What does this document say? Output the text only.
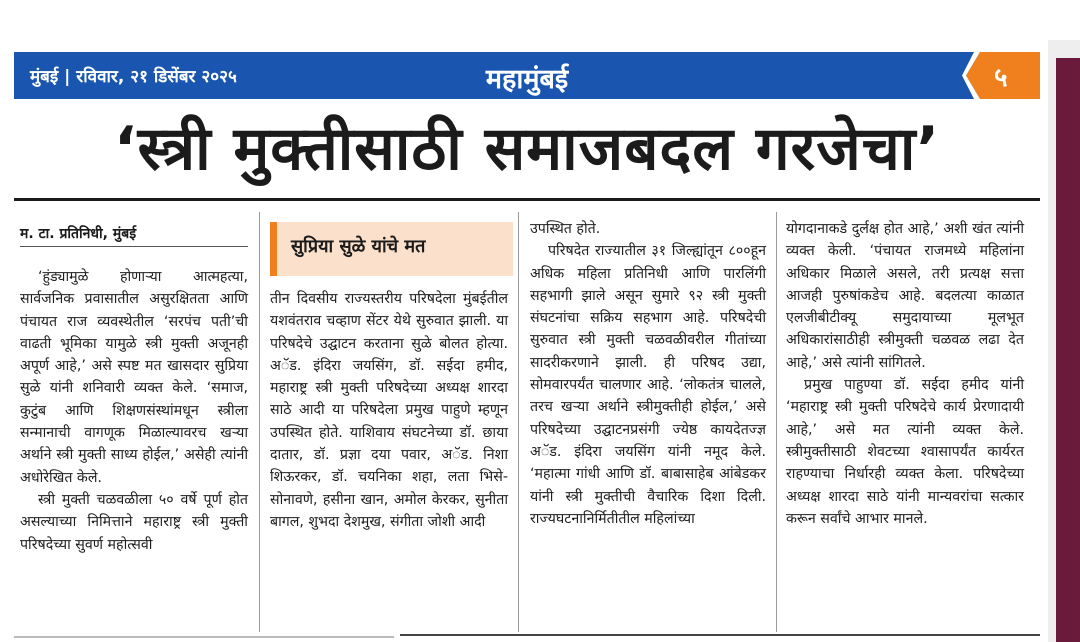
मुंबई | रविवार, २१ डिसेंबर २०२५	महामुंबई	५
‘स्त्री मुक्तीसाठी समाजबदल गरजेचा’
म. टा. प्रतिनिधी, मुंबई

‘हुंड्यामुळे होणाऱ्या आत्महत्या, सार्वजनिक प्रवासातील असुरक्षितता आणि पंचायत राज व्यवस्थेतील ‘सरपंच पती’ची वाढती भूमिका यामुळे स्त्री मुक्ती अजूनही अपूर्ण आहे,’ असे स्पष्ट मत खासदार सुप्रिया सुळे यांनी शनिवारी व्यक्त केले. ‘समाज, कुटुंब आणि शिक्षणसंस्थांमधून स्त्रीला सन्मानाची वागणूक मिळाल्यावरच खऱ्या अर्थाने स्त्री मुक्ती साध्य होईल,’ असेही त्यांनी अधोरेखित केले.

स्त्री मुक्ती चळवळीला ५० वर्षे पूर्ण होत असल्याच्या निमित्ताने महाराष्ट्र स्त्री मुक्ती परिषदेच्या सुवर्ण महोत्सवी

सुप्रिया सुळे यांचे मत

तीन दिवसीय राज्यस्तरीय परिषदेला मुंबईतील यशवंतराव चव्हाण सेंटर येथे सुरुवात झाली. या परिषदेचे उद्घाटन करताना सुळे बोलत होत्या. अॅड. इंदिरा जयसिंग, डॉ. सईदा हमीद, महाराष्ट्र स्त्री मुक्ती परिषदेच्या अध्यक्ष शारदा साठे आदी या परिषदेला प्रमुख पाहुणे म्हणून उपस्थित होते. याशिवाय संघटनेच्या डॉ. छाया दातार, डॉ. प्रज्ञा दया पवार, अॅड. निशा शिऊरकर, डॉ. चयनिका शहा, लता भिसे-सोनावणे, हसीना खान, अमोल केरकर, सुनीता बागल, शुभदा देशमुख, संगीता जोशी आदी

उपस्थित होते.

परिषदेत राज्यातील ३१ जिल्ह्यांतून ८००हून अधिक महिला प्रतिनिधी आणि पारलिंगी सहभागी झाले असून सुमारे ९२ स्त्री मुक्ती संघटनांचा सक्रिय सहभाग आहे. परिषदेची सुरुवात स्त्री मुक्ती चळवळीवरील गीतांच्या सादरीकरणाने झाली. ही परिषद उद्या, सोमवारपर्यंत चालणार आहे. ‘लोकतंत्र चालले, तरच खऱ्या अर्थाने स्त्रीमुक्तीही होईल,’ असे परिषदेच्या उद्घाटनप्रसंगी ज्येष्ठ कायदेतज्ज्ञ अॅड. इंदिरा जयसिंग यांनी नमूद केले. ‘महात्मा गांधी आणि डॉ. बाबासाहेब आंबेडकर यांनी स्त्री मुक्तीची वैचारिक दिशा दिली. राज्यघटनानिर्मितीतील महिलांच्या

योगदानाकडे दुर्लक्ष होत आहे,’ अशी खंत त्यांनी व्यक्त केली. ‘पंचायत राजमध्ये महिलांना अधिकार मिळाले असले, तरी प्रत्यक्ष सत्ता आजही पुरुषांकडेच आहे. बदलत्या काळात एलजीबीटीक्यू समुदायाच्या मूलभूत अधिकारांसाठीही स्त्रीमुक्ती चळवळ लढा देत आहे,’ असे त्यांनी सांगितले.

प्रमुख पाहुण्या डॉ. सईदा हमीद यांनी ‘महाराष्ट्र स्त्री मुक्ती परिषदेचे कार्य प्रेरणादायी आहे,’ असे मत त्यांनी व्यक्त केले. स्त्रीमुक्तीसाठी शेवटच्या श्वासापर्यंत कार्यरत राहण्याचा निर्धारही व्यक्त केला. परिषदेच्या अध्यक्ष शारदा साठे यांनी मान्यवरांचा सत्कार करून सर्वांचे आभार मानले.
